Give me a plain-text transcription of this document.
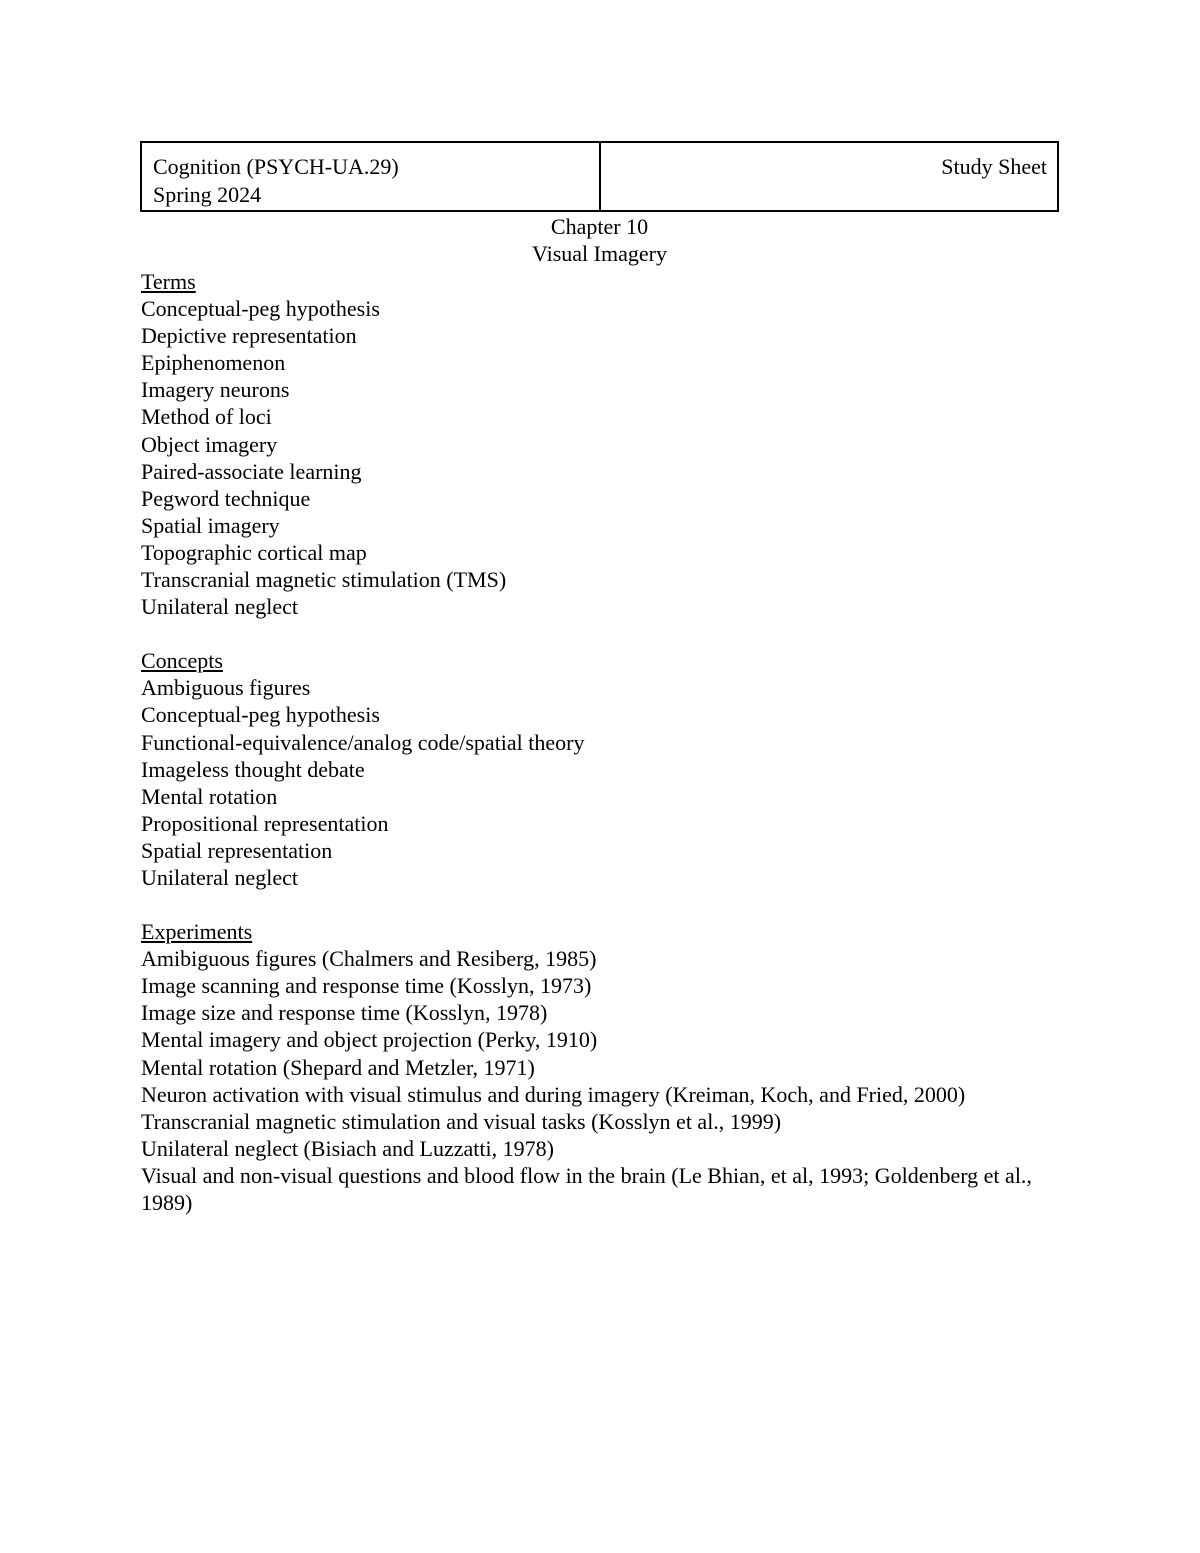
Cognition (PSYCH-UA.29)
Spring 2024
Study Sheet
Chapter 10
Visual Imagery
Terms
Conceptual-peg hypothesis
Depictive representation
Epiphenomenon
Imagery neurons
Method of loci
Object imagery
Paired-associate learning
Pegword technique
Spatial imagery
Topographic cortical map
Transcranial magnetic stimulation (TMS)
Unilateral neglect
Concepts
Ambiguous figures
Conceptual-peg hypothesis
Functional-equivalence/analog code/spatial theory
Imageless thought debate
Mental rotation
Propositional representation
Spatial representation
Unilateral neglect
Experiments
Amibiguous figures (Chalmers and Resiberg, 1985)
Image scanning and response time (Kosslyn, 1973)
Image size and response time (Kosslyn, 1978)
Mental imagery and object projection (Perky, 1910)
Mental rotation (Shepard and Metzler, 1971)
Neuron activation with visual stimulus and during imagery (Kreiman, Koch, and Fried, 2000)
Transcranial magnetic stimulation and visual tasks (Kosslyn et al., 1999)
Unilateral neglect (Bisiach and Luzzatti, 1978)
Visual and non-visual questions and blood flow in the brain (Le Bhian, et al, 1993; Goldenberg et al., 1989)
